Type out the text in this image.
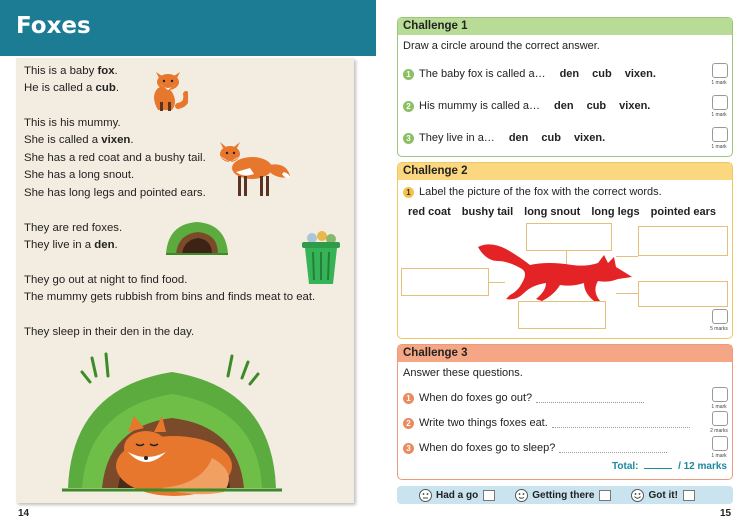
Foxes

This is a baby fox.

He is called a cub.

This is his mummy.

She is called a vixen.

She has a red coat and a bushy tail.

She has a long snout.

She has long legs and pointed ears.

They are red foxes.

They live in a den.

They go out at night to find food.

The mummy gets rubbish from bins and finds meat to eat.

They sleep in their den in the day.

14
Challenge 1
Draw a circle around the correct answer.
1 The baby fox is called a… den cub vixen.
1 mark
2 His mummy is called a… den cub vixen.
1 mark
3 They live in a… den cub vixen.
1 mark
Challenge 2
1 Label the picture of the fox with the correct words.
red coat bushy tail long snout long legs pointed ears
5 marks
Challenge 3
Answer these questions.
1 When do foxes go out?
1 mark
2 Write two things foxes eat.
2 marks
3 When do foxes go to sleep?
1 mark
Total:	/ 12 marks
Had a go	Getting there	Got it!
15
